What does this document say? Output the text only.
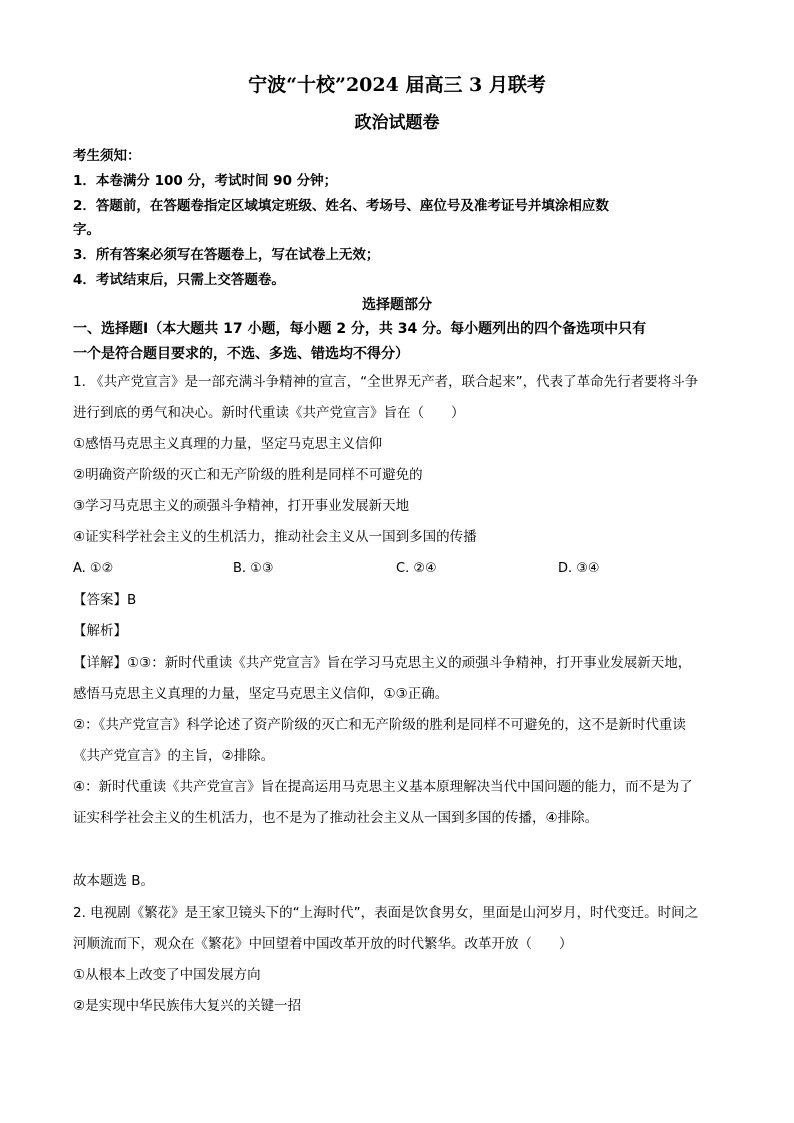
宁波“十校”2024 届高三 3 月联考
政治试题卷
考生须知：
1．本卷满分 100 分，考试时间 90 分钟；
2．答题前，在答题卷指定区域填定班级、姓名、考场号、座位号及准考证号并填涂相应数
字。
3．所有答案必须写在答题卷上，写在试卷上无效；
4．考试结束后，只需上交答题卷。
选择题部分
一、选择题Ⅰ（本大题共 17 小题，每小题 2 分，共 34 分。每小题列出的四个备选项中只有
一个是符合题目要求的，不选、多选、错选均不得分）
1. 《共产党宣言》是一部充满斗争精神的宣言，“全世界无产者，联合起来”，代表了革命先行者要将斗争
进行到底的勇气和决心。新时代重读《共产党宣言》旨在（　　）
①感悟马克思主义真理的力量，坚定马克思主义信仰
②明确资产阶级的灭亡和无产阶级的胜利是同样不可避免的
③学习马克思主义的顽强斗争精神，打开事业发展新天地
④证实科学社会主义的生机活力，推动社会主义从一国到多国的传播
A. ①②	B. ①③	C. ②④	D. ③④
【答案】B
【解析】
【详解】①③：新时代重读《共产党宣言》旨在学习马克思主义的顽强斗争精神，打开事业发展新天地，
感悟马克思主义真理的力量，坚定马克思主义信仰，①③正确。
②：《共产党宣言》科学论述了资产阶级的灭亡和无产阶级的胜利是同样不可避免的，这不是新时代重读
《共产党宣言》的主旨，②排除。
④：新时代重读《共产党宣言》旨在提高运用马克思主义基本原理解决当代中国问题的能力，而不是为了
证实科学社会主义的生机活力，也不是为了推动社会主义从一国到多国的传播，④排除。
故本题选 B。
2. 电视剧《繁花》是王家卫镜头下的“上海时代”，表面是饮食男女，里面是山河岁月，时代变迁。时间之
河顺流而下，观众在《繁花》中回望着中国改革开放的时代繁华。改革开放（　　）
①从根本上改变了中国发展方向
②是实现中华民族伟大复兴的关键一招
